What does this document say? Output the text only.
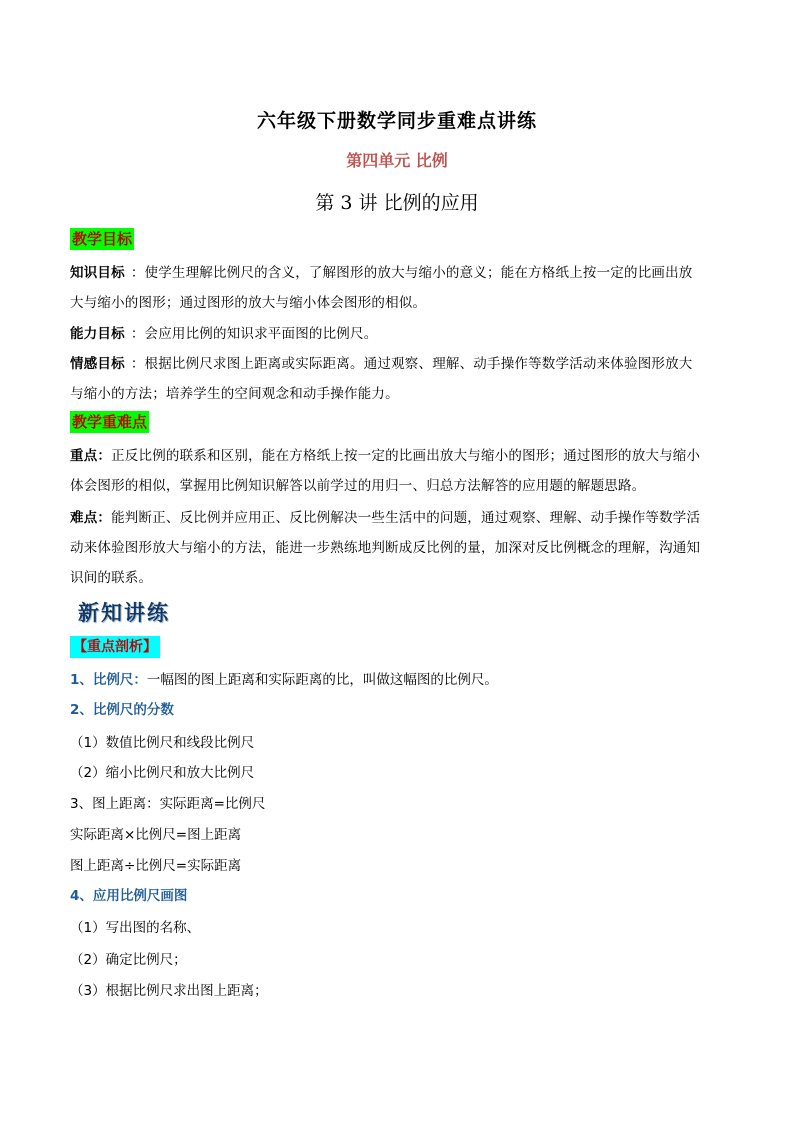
六年级下册数学同步重难点讲练
第四单元 比例
第 3 讲 比例的应用
教学目标
知识目标 ：使学生理解比例尺的含义，了解图形的放大与缩小的意义；能在方格纸上按一定的比画出放
大与缩小的图形；通过图形的放大与缩小体会图形的相似。
能力目标 ：会应用比例的知识求平面图的比例尺。
情感目标 ：根据比例尺求图上距离或实际距离。通过观察、理解、动手操作等数学活动来体验图形放大
与缩小的方法；培养学生的空间观念和动手操作能力。
教学重难点
重点：正反比例的联系和区别，能在方格纸上按一定的比画出放大与缩小的图形；通过图形的放大与缩小
体会图形的相似，掌握用比例知识解答以前学过的用归一、归总方法解答的应用题的解题思路。
难点：能判断正、反比例并应用正、反比例解决一些生活中的问题，通过观察、理解、动手操作等数学活
动来体验图形放大与缩小的方法，能进一步熟练地判断成反比例的量，加深对反比例概念的理解，沟通知
识间的联系。
新知讲练
【重点剖析】
1、比例尺：一幅图的图上距离和实际距离的比，叫做这幅图的比例尺。
2、比例尺的分数
（1）数值比例尺和线段比例尺
（2）缩小比例尺和放大比例尺
3、图上距离：实际距离=比例尺
实际距离×比例尺=图上距离
图上距离÷比例尺=实际距离
4、应用比例尺画图
（1）写出图的名称、
（2）确定比例尺；
（3）根据比例尺求出图上距离；
